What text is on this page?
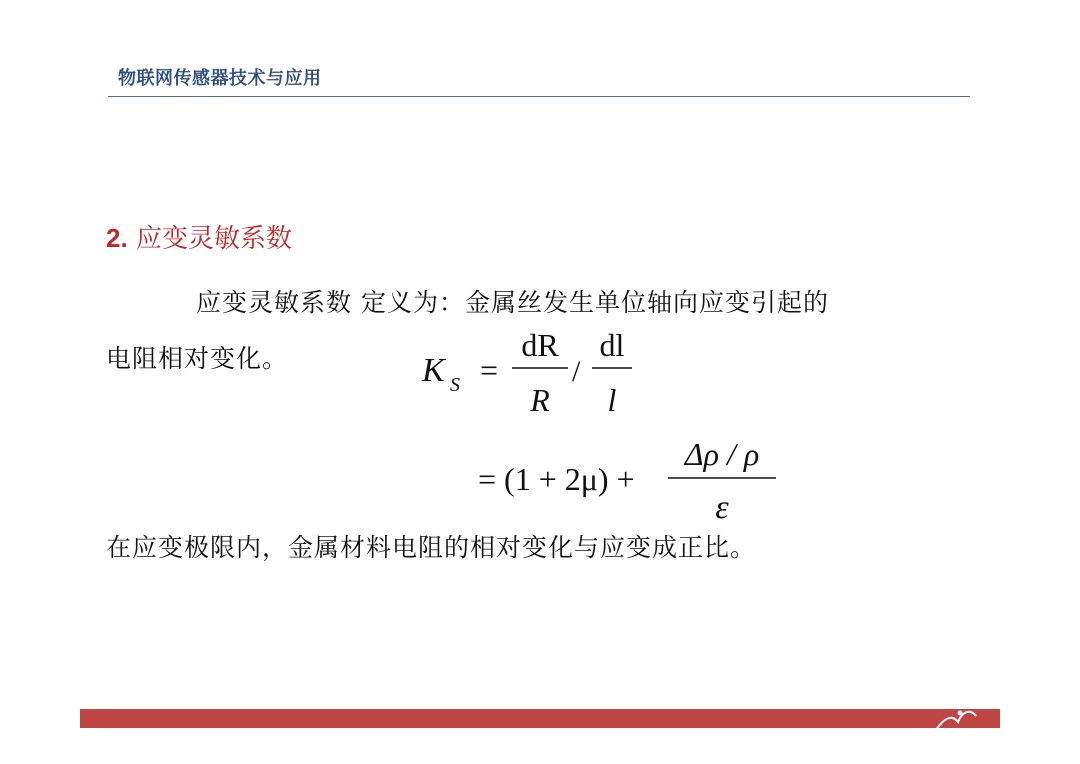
物联网传感器技术与应用
2. 应变灵敏系数
应变灵敏系数 定义为：金属丝发生单位轴向应变引起的
电阻相对变化。	K S =
dR
R
/
dl
l
= (1 + 2μ) +
Δρ / ρ
ε
在应变极限内，金属材料电阻的相对变化与应变成正比。
